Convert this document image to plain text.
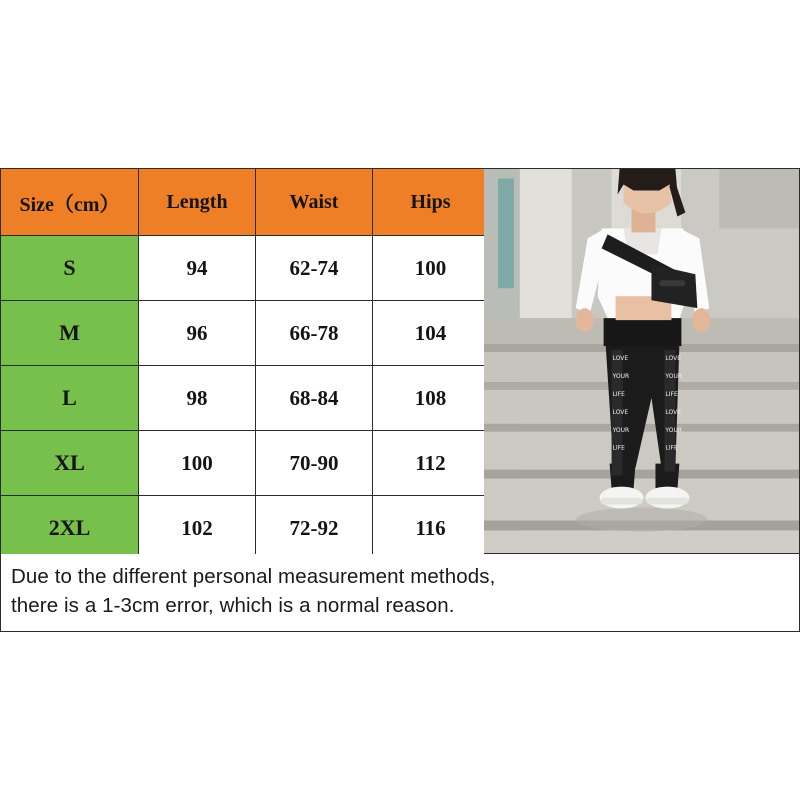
Size（cm）	Length	Waist	Hips
S	94	62-74	100
M	96	66-78	104
L	98	68-84	108
XL	100	70-90	112
2XL	102	72-92	116
LOVE
YOUR
LIFE
LOVE
YOUR
LIFE
LOVE
YOUR
LIFE
LOVE
YOUR
LIFE
Due to the different personal measurement methods,
there is a 1-3cm error, which is a normal reason.
